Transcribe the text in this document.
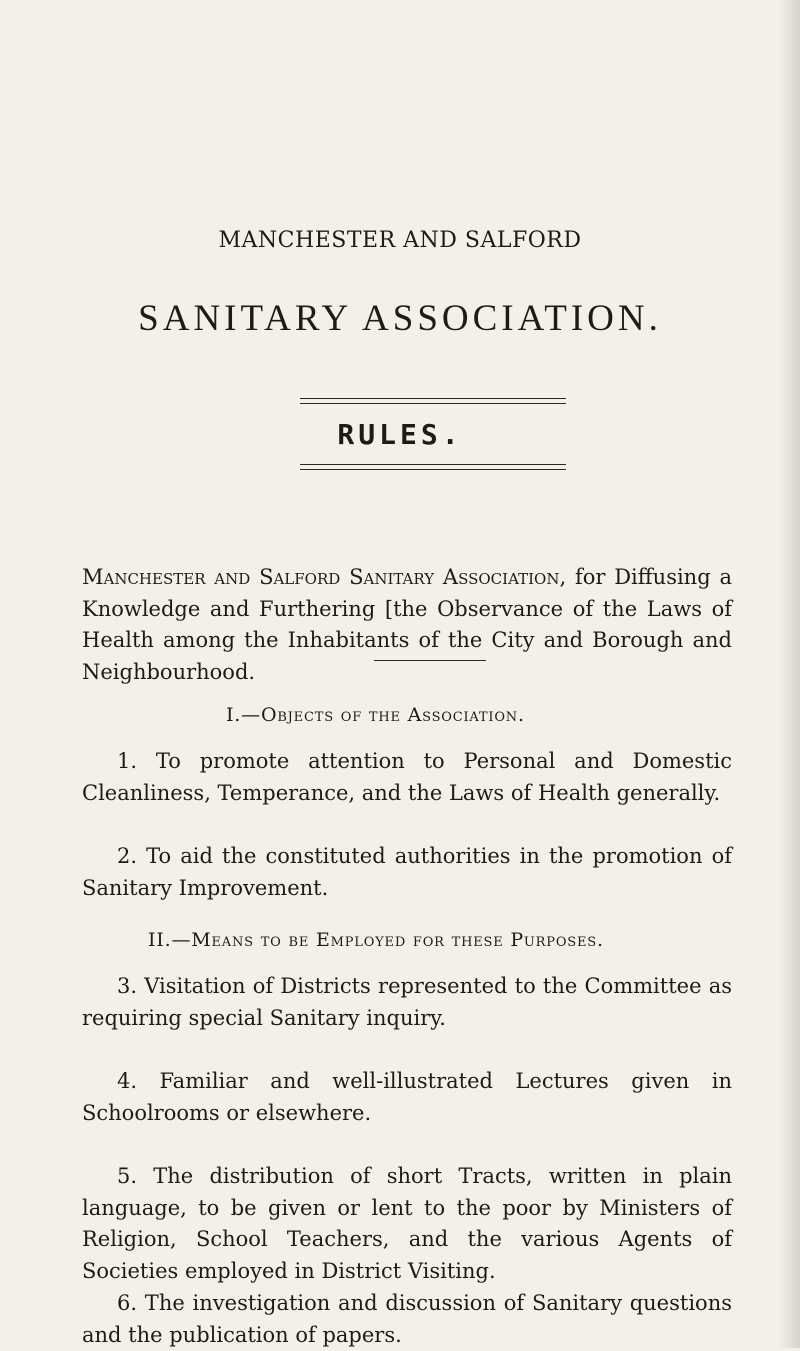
MANCHESTER AND SALFORD
SANITARY ASSOCIATION.
RULES.
Manchester and Salford Sanitary Association, for Diffusing a Knowledge and Furthering [the Observance of the Laws of Health among the Inhabitants of the City and Borough and Neighbourhood.
I.—Objects of the Association.
1. To promote attention to Personal and Domestic Cleanliness, Temperance, and the Laws of Health generally.
2. To aid the constituted authorities in the promotion of Sanitary Improvement.
II.—Means to be Employed for these Purposes.
3. Visitation of Districts represented to the Committee as requiring special Sanitary inquiry.
4. Familiar and well-illustrated Lectures given in Schoolrooms or elsewhere.
5. The distribution of short Tracts, written in plain language, to be given or lent to the poor by Ministers of Religion, School Teachers, and the various Agents of Societies employed in District Visiting.
6. The investigation and discussion of Sanitary questions and the publication of papers.
